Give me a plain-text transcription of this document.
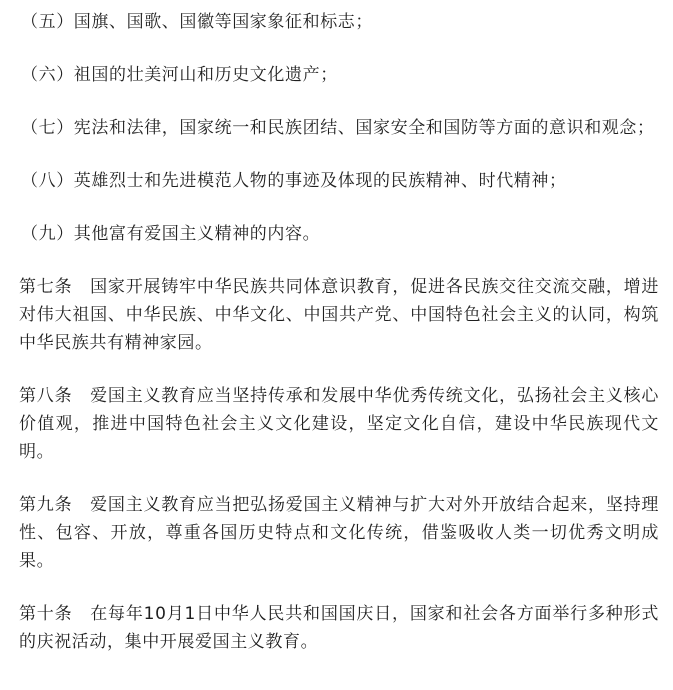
（五）国旗、国歌、国徽等国家象征和标志；

（六）祖国的壮美河山和历史文化遗产；

（七）宪法和法律，国家统一和民族团结、国家安全和国防等方面的意识和观念；

（八）英雄烈士和先进模范人物的事迹及体现的民族精神、时代精神；

（九）其他富有爱国主义精神的内容。

第七条　国家开展铸牢中华民族共同体意识教育，促进各民族交往交流交融，增进对伟大祖国、中华民族、中华文化、中国共产党、中国特色社会主义的认同，构筑中华民族共有精神家园。

第八条　爱国主义教育应当坚持传承和发展中华优秀传统文化，弘扬社会主义核心价值观，推进中国特色社会主义文化建设，坚定文化自信，建设中华民族现代文明。

第九条　爱国主义教育应当把弘扬爱国主义精神与扩大对外开放结合起来，坚持理性、包容、开放，尊重各国历史特点和文化传统，借鉴吸收人类一切优秀文明成果。

第十条　在每年10月1日中华人民共和国国庆日，国家和社会各方面举行多种形式的庆祝活动，集中开展爱国主义教育。
